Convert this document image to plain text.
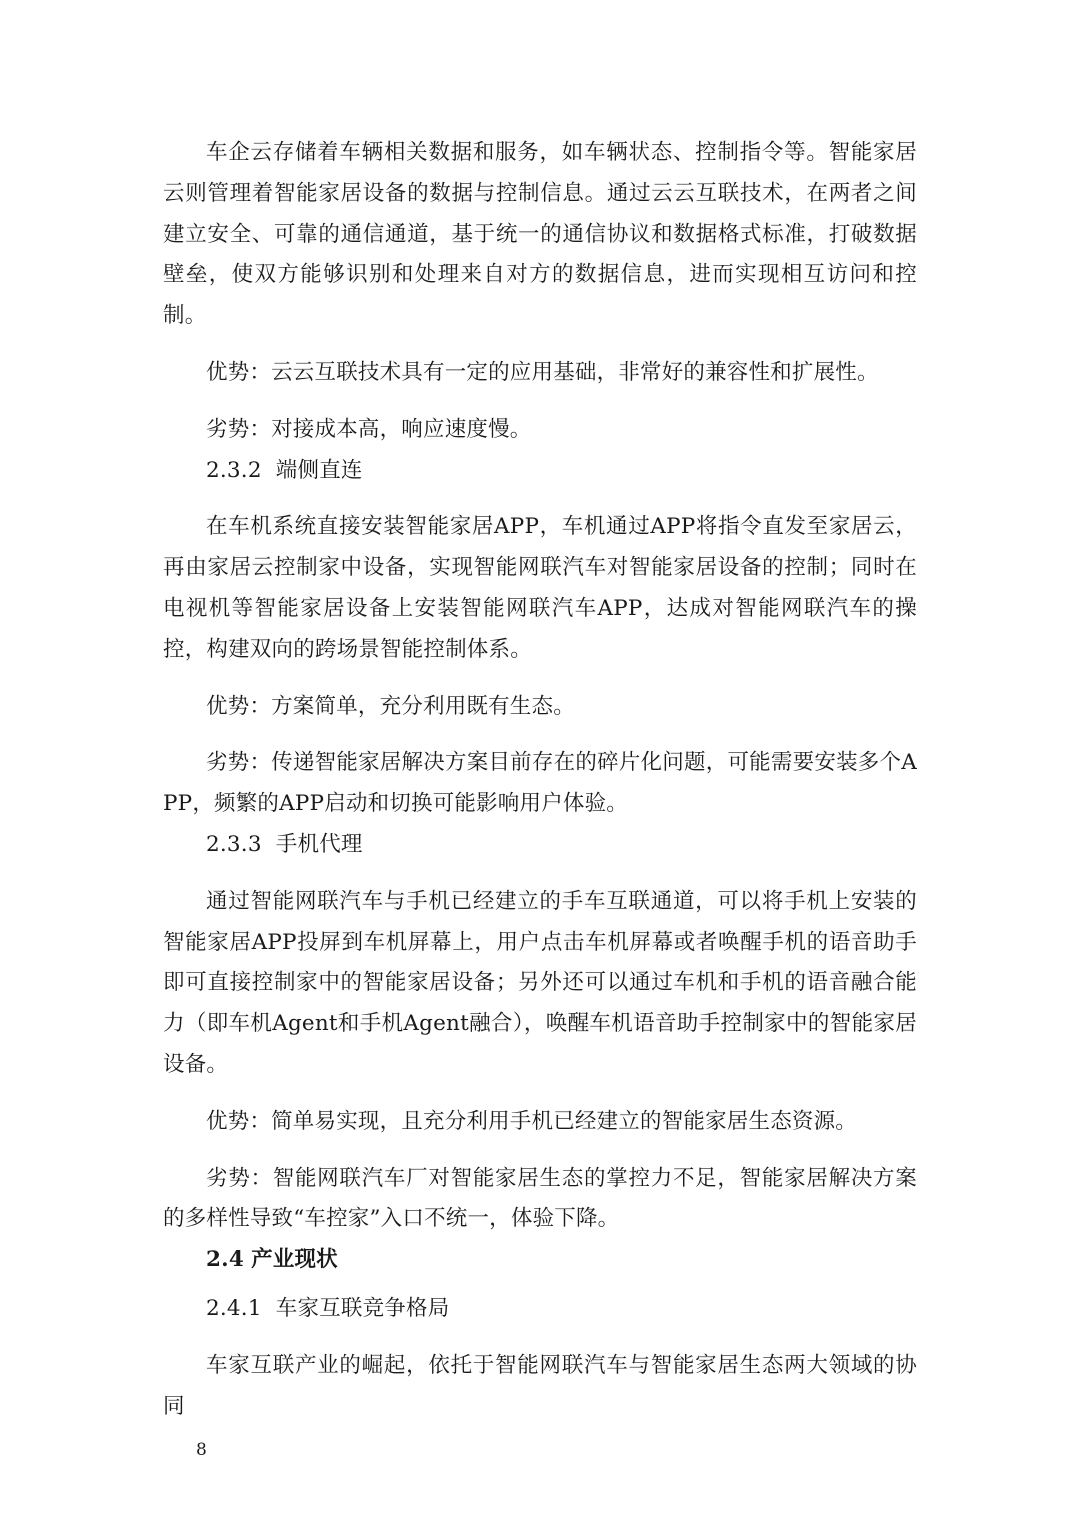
车企云存储着车辆相关数据和服务，如车辆状态、控制指令等。智能家居云则管理着智能家居设备的数据与控制信息。通过云云互联技术，在两者之间建立安全、可靠的通信通道，基于统一的通信协议和数据格式标准，打破数据壁垒，使双方能够识别和处理来自对方的数据信息，进而实现相互访问和控制。

优势：云云互联技术具有一定的应用基础，非常好的兼容性和扩展性。

劣势：对接成本高，响应速度慢。

2.3.2 端侧直连

在车机系统直接安装智能家居APP，车机通过APP将指令直发至家居云，再由家居云控制家中设备，实现智能网联汽车对智能家居设备的控制；同时在电视机等智能家居设备上安装智能网联汽车APP，达成对智能网联汽车的操控，构建双向的跨场景智能控制体系。

优势：方案简单，充分利用既有生态。

劣势：传递智能家居解决方案目前存在的碎片化问题，可能需要安装多个APP，频繁的APP启动和切换可能影响用户体验。

2.3.3 手机代理

通过智能网联汽车与手机已经建立的手车互联通道，可以将手机上安装的智能家居APP投屏到车机屏幕上，用户点击车机屏幕或者唤醒手机的语音助手即可直接控制家中的智能家居设备；另外还可以通过车机和手机的语音融合能力（即车机Agent和手机Agent融合），唤醒车机语音助手控制家中的智能家居设备。

优势：简单易实现，且充分利用手机已经建立的智能家居生态资源。

劣势：智能网联汽车厂对智能家居生态的掌控力不足，智能家居解决方案的多样性导致“车控家”入口不统一，体验下降。

2.4 产业现状

2.4.1 车家互联竞争格局

车家互联产业的崛起，依托于智能网联汽车与智能家居生态两大领域的协同

8
